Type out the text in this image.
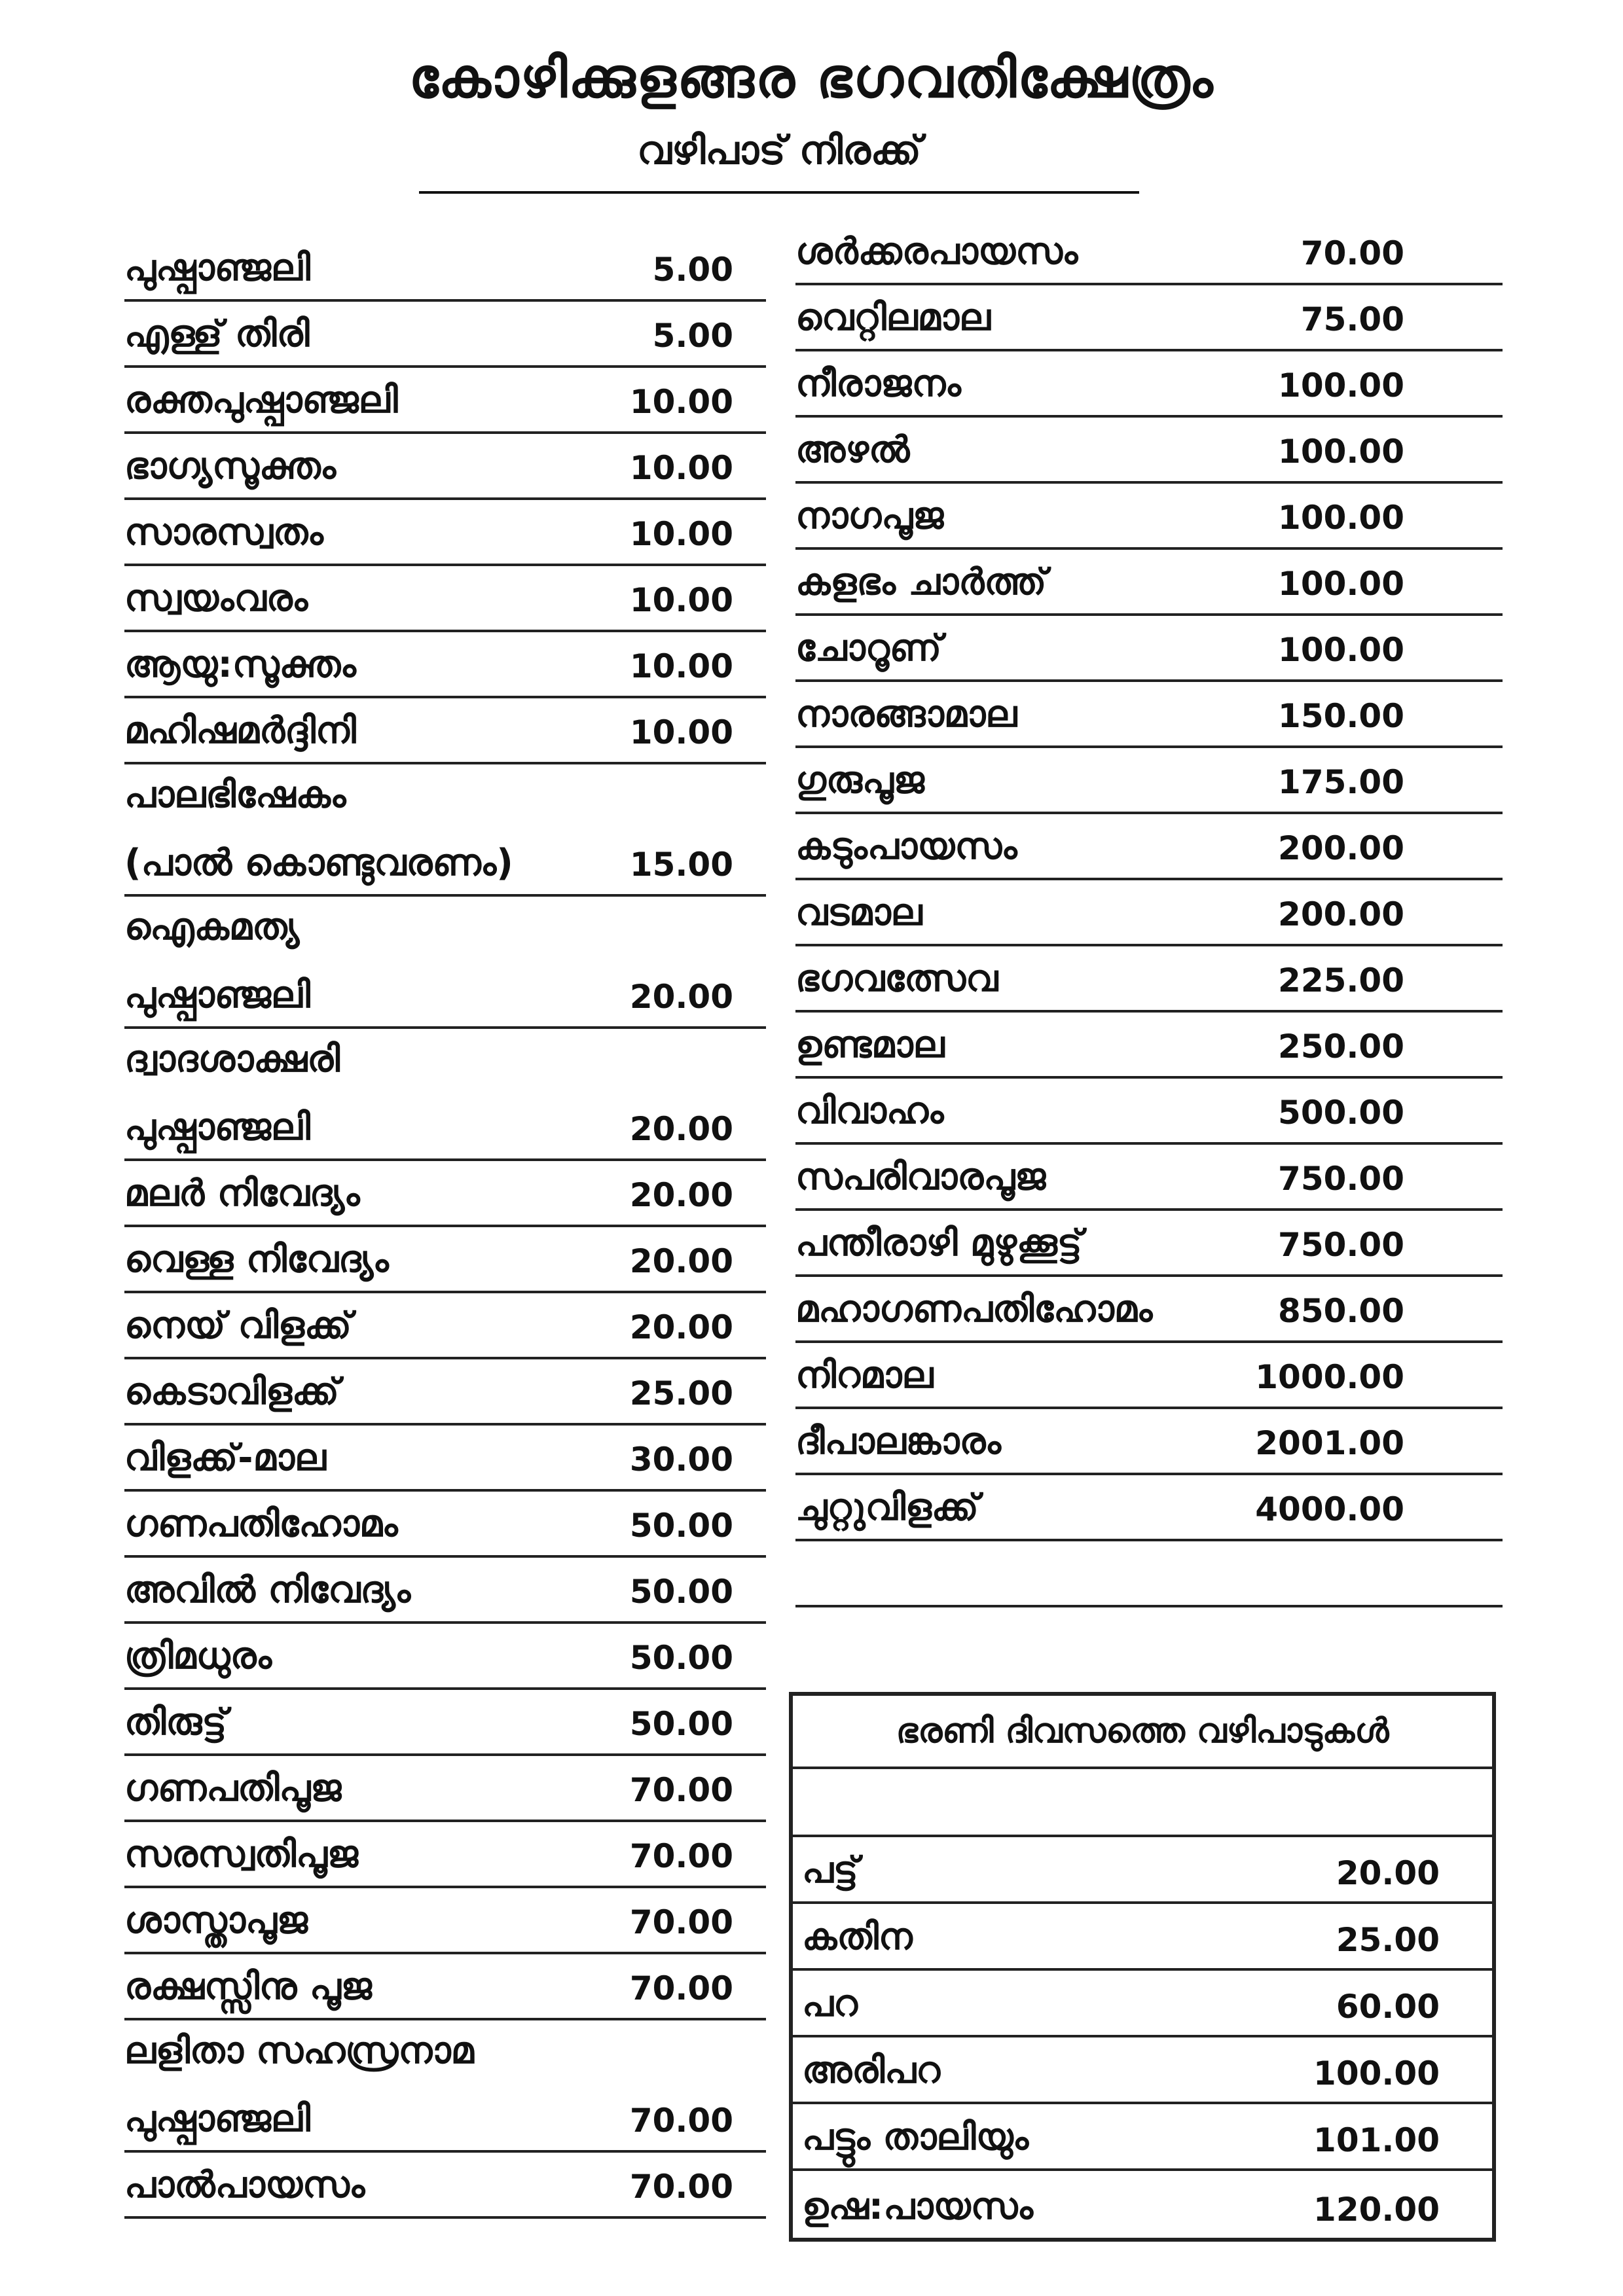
കോഴിക്കുളങ്ങര ഭഗവതിക്ഷേത്രം
വഴിപാട് നിരക്ക്
പുഷ്പാഞ്ജലി	5.00
എള്ള് തിരി	5.00
രക്തപുഷ്പാഞ്ജലി	10.00
ഭാഗ്യസൂക്തം	10.00
സാരസ്വതം	10.00
സ്വയംവരം	10.00
ആയു:സൂക്തം	10.00
മഹിഷമർദ്ദിനി	10.00
പാലഭിഷേകം
(പാൽ കൊണ്ടുവരണം)	15.00
ഐകമത്യ
പുഷ്പാഞ്ജലി	20.00
ദ്വാദശാക്ഷരി
പുഷ്പാഞ്ജലി	20.00
മലർ നിവേദ്യം	20.00
വെള്ള നിവേദ്യം	20.00
നെയ് വിളക്ക്	20.00
കെടാവിളക്ക്	25.00
വിളക്ക്-മാല	30.00
ഗണപതിഹോമം	50.00
അവിൽ നിവേദ്യം	50.00
ത്രിമധുരം	50.00
തിരുട്ട്	50.00
ഗണപതിപൂജ	70.00
സരസ്വതിപൂജ	70.00
ശാസ്താപൂജ	70.00
രക്ഷസ്സിനു പൂജ	70.00
ലളിതാ സഹസ്രനാമ
പുഷ്പാഞ്ജലി	70.00
പാൽപായസം	70.00
ശർക്കരപായസം	70.00
വെറ്റിലമാല	75.00
നീരാജനം	100.00
അഴൽ	100.00
നാഗപൂജ	100.00
കളഭം ചാർത്ത്	100.00
ചോറൂണ്	100.00
നാരങ്ങാമാല	150.00
ഗുരുപൂജ	175.00
കടുംപായസം	200.00
വടമാല	200.00
ഭഗവത്സേവ	225.00
ഉണ്ടമാല	250.00
വിവാഹം	500.00
സപരിവാരപൂജ	750.00
പന്തീരാഴി മുഴുക്കൂട്ട്	750.00
മഹാഗണപതിഹോമം	850.00
നിറമാല	1000.00
ദീപാലങ്കാരം	2001.00
ചുറ്റുവിളക്ക്	4000.00
ഭരണി ദിവസത്തെ വഴിപാടുകൾ
പട്ട്	20.00
കതിന	25.00
പറ	60.00
അരിപറ	100.00
പട്ടും താലിയും	101.00
ഉഷ:പായസം	120.00
